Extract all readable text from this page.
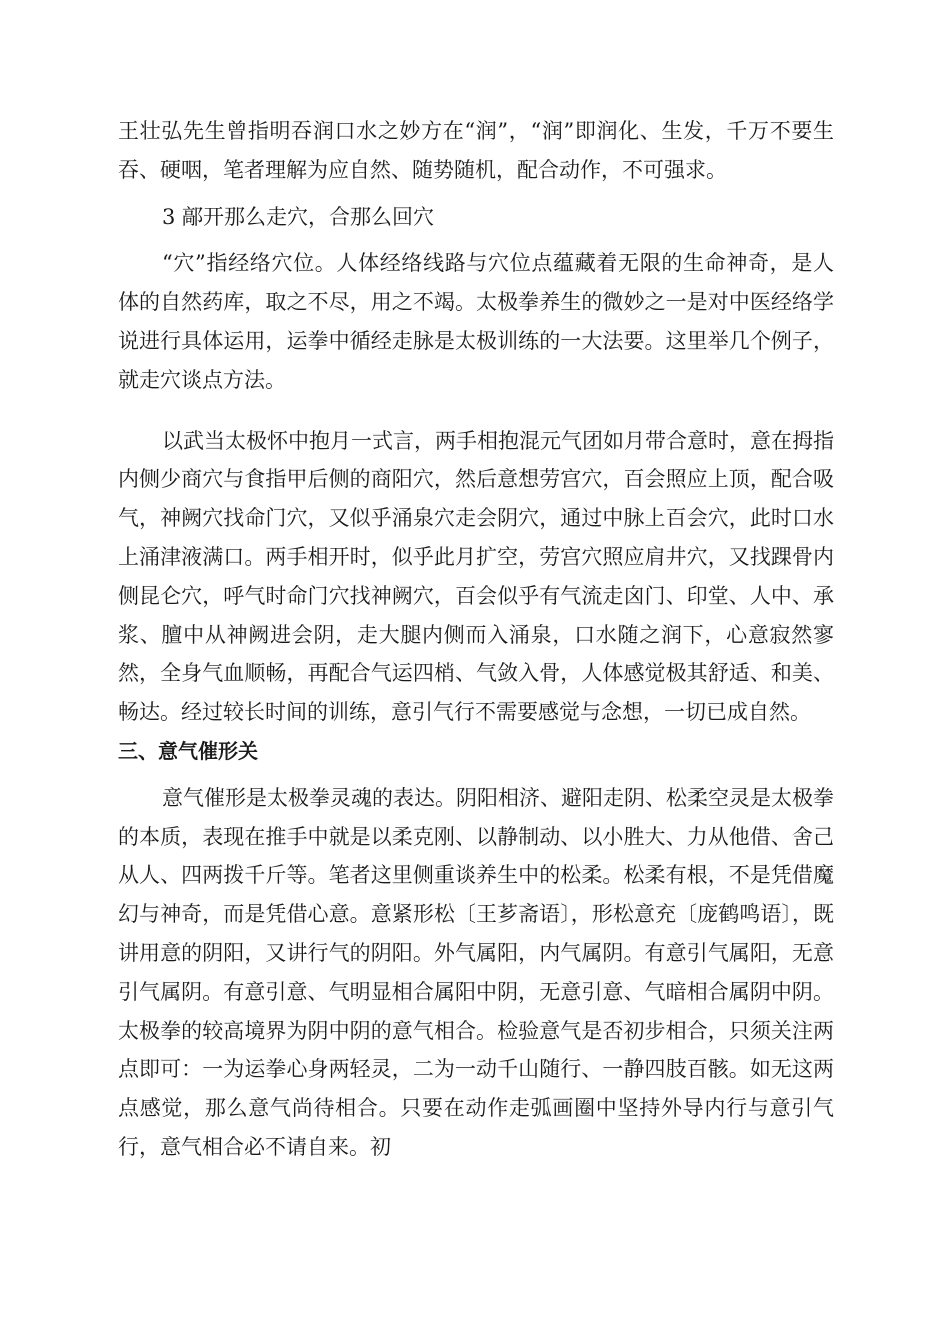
王壮弘先生曾指明吞润口水之妙方在“润”，“润”即润化、生发，千万不要生吞、硬咽，笔者理解为应自然、随势随机，配合动作，不可强求。

3 鄗开那么走穴，合那么回穴

“穴”指经络穴位。人体经络线路与穴位点蕴藏着无限的生命神奇，是人体的自然药库，取之不尽，用之不竭。太极拳养生的微妙之一是对中医经络学说进行具体运用，运拳中循经走脉是太极训练的一大法要。这里举几个例子，就走穴谈点方法。

以武当太极怀中抱月一式言，两手相抱混元气团如月带合意时，意在拇指内侧少商穴与食指甲后侧的商阳穴，然后意想劳宫穴，百会照应上顶，配合吸气，神阙穴找命门穴，又似乎涌泉穴走会阴穴，通过中脉上百会穴，此时口水上涌津液满口。两手相开时，似乎此月扩空，劳宫穴照应肩井穴，又找踝骨内侧昆仑穴，呼气时命门穴找神阙穴，百会似乎有气流走囟门、印堂、人中、承浆、膻中从神阙进会阴，走大腿内侧而入涌泉，口水随之润下，心意寂然寥然，全身气血顺畅，再配合气运四梢、气敛入骨，人体感觉极其舒适、和美、畅达。经过较长时间的训练，意引气行不需要感觉与念想，一切已成自然。

三、意气催形关

意气催形是太极拳灵魂的表达。阴阳相济、避阳走阴、松柔空灵是太极拳的本质，表现在推手中就是以柔克刚、以静制动、以小胜大、力从他借、舍己从人、四两拨千斤等。笔者这里侧重谈养生中的松柔。松柔有根，不是凭借魔幻与神奇，而是凭借心意。意紧形松〔王芗斋语〕，形松意充〔庞鹤鸣语〕，既讲用意的阴阳，又讲行气的阴阳。外气属阳，内气属阴。有意引气属阳，无意引气属阴。有意引意、气明显相合属阳中阴，无意引意、气暗相合属阴中阴。太极拳的较高境界为阴中阴的意气相合。检验意气是否初步相合，只须关注两点即可：一为运拳心身两轻灵，二为一动千山随行、一静四肢百骸。如无这两点感觉，那么意气尚待相合。只要在动作走弧画圈中坚持外导内行与意引气行，意气相合必不请自来。初
